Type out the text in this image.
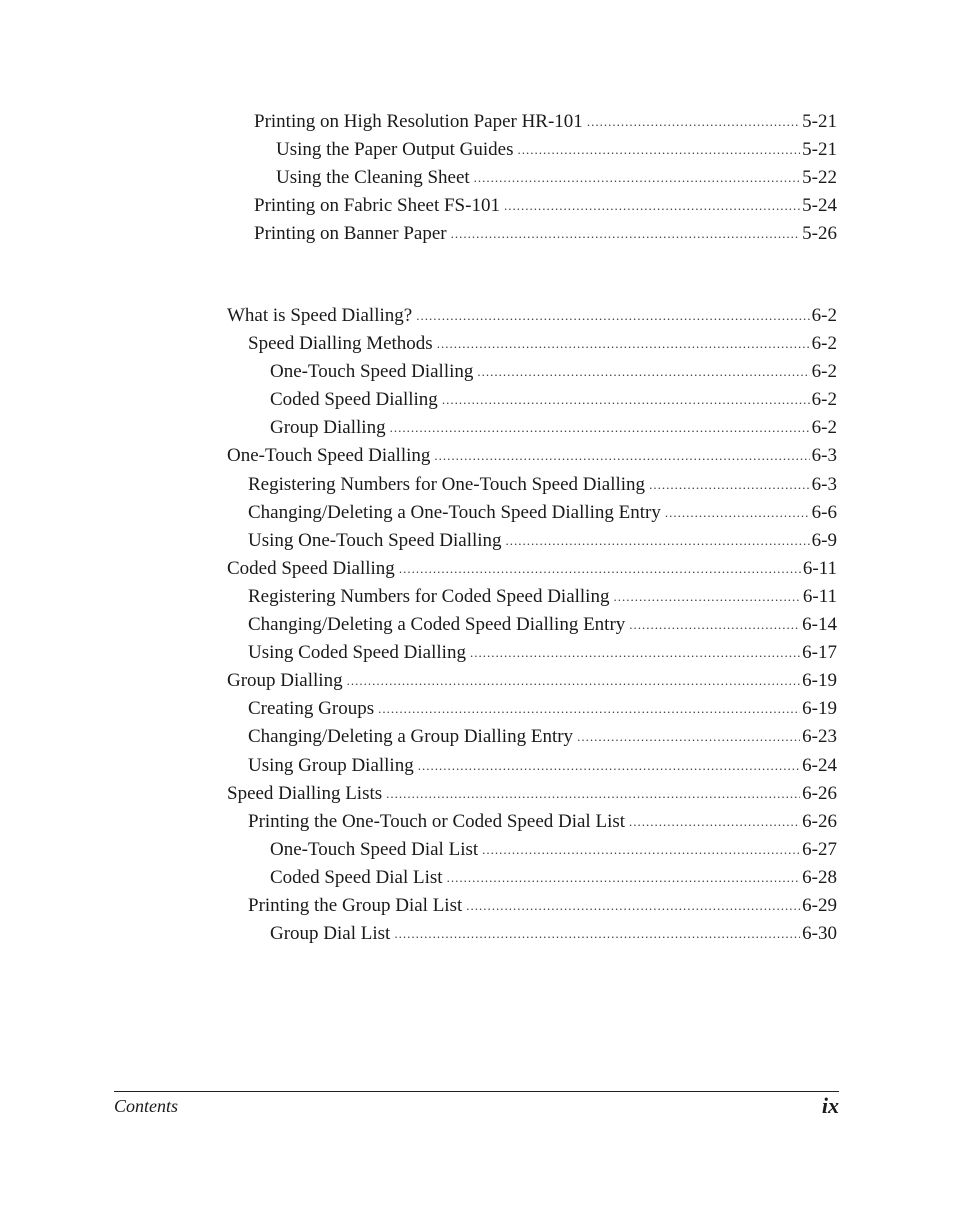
Printing on High Resolution Paper HR-101 .....	5-21
Using the Paper Output Guides .....	5-21
Using the Cleaning Sheet .....	5-22
Printing on Fabric Sheet FS-101 .....	5-24
Printing on Banner Paper .....	5-26
What is Speed Dialling? .....	6-2
Speed Dialling Methods .....	6-2
One-Touch Speed Dialling .....	6-2
Coded Speed Dialling .....	6-2
Group Dialling .....	6-2
One-Touch Speed Dialling .....	6-3
Registering Numbers for One-Touch Speed Dialling .....	6-3
Changing/Deleting a One-Touch Speed Dialling Entry .....	6-6
Using One-Touch Speed Dialling .....	6-9
Coded Speed Dialling .....	6-11
Registering Numbers for Coded Speed Dialling .....	6-11
Changing/Deleting a Coded Speed Dialling Entry .....	6-14
Using Coded Speed Dialling .....	6-17
Group Dialling .....	6-19
Creating Groups .....	6-19
Changing/Deleting a Group Dialling Entry .....	6-23
Using Group Dialling .....	6-24
Speed Dialling Lists .....	6-26
Printing the One-Touch or Coded Speed Dial List .....	6-26
One-Touch Speed Dial List .....	6-27
Coded Speed Dial List .....	6-28
Printing the Group Dial List .....	6-29
Group Dial List .....	6-30
Contents	ix
